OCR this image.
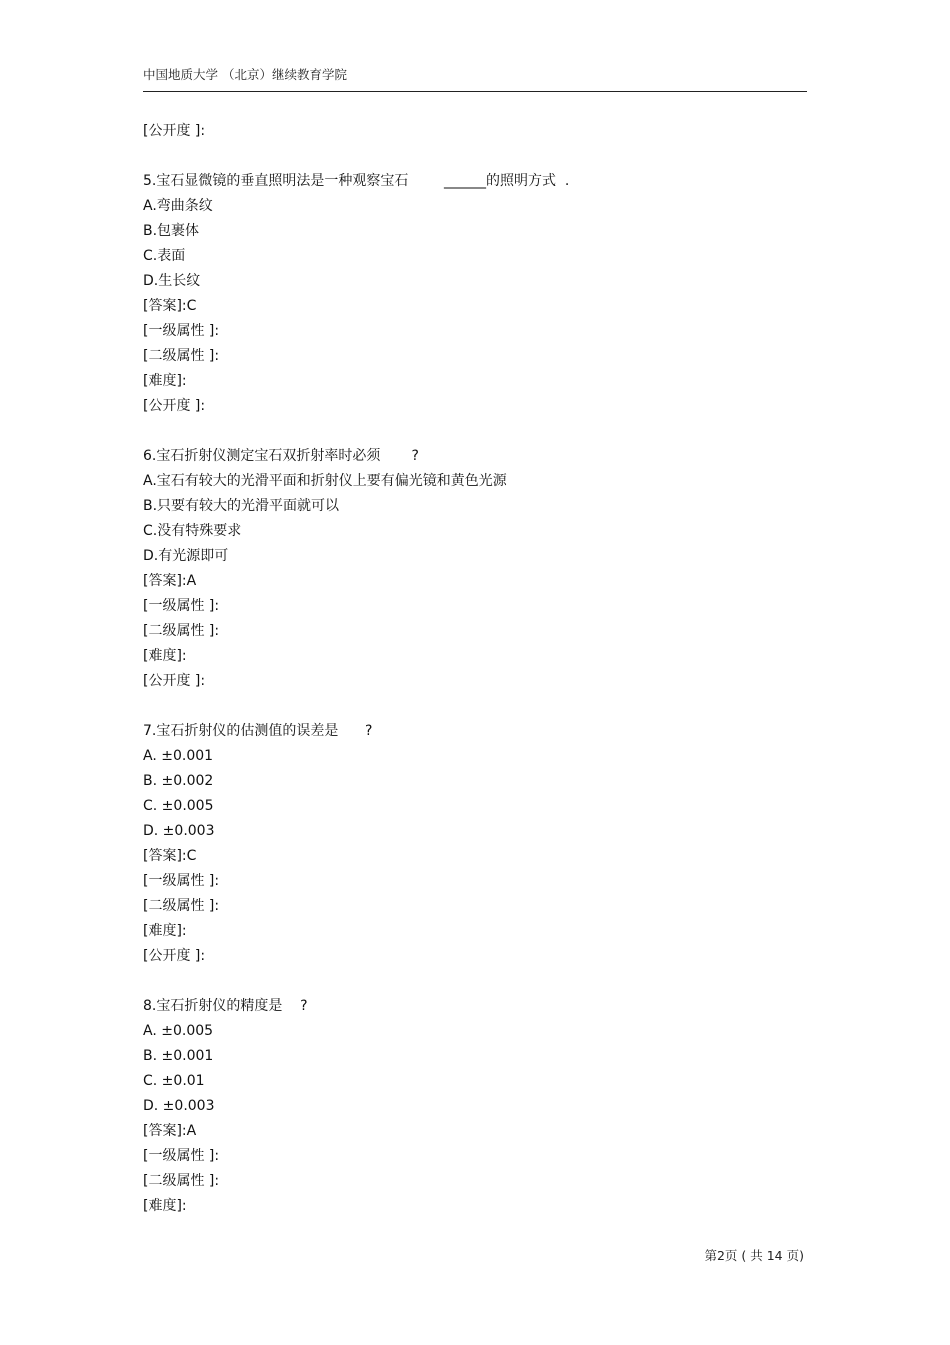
中国地质大学 （北京）继续教育学院
[公开度 ]:
5.宝石显微镜的垂直照明法是一种观察宝石        ______的照明方式  .
A.弯曲条纹
B.包裹体
C.表面
D.生长纹
[答案]:C
[一级属性 ]:
[二级属性 ]:
[难度]:
[公开度 ]:
6.宝石折射仪测定宝石双折射率时必须       ?
A.宝石有较大的光滑平面和折射仪上要有偏光镜和黄色光源
B.只要有较大的光滑平面就可以
C.没有特殊要求
D.有光源即可
[答案]:A
[一级属性 ]:
[二级属性 ]:
[难度]:
[公开度 ]:
7.宝石折射仪的估测值的误差是      ?
A. ±0.001
B. ±0.002
C. ±0.005
D. ±0.003
[答案]:C
[一级属性 ]:
[二级属性 ]:
[难度]:
[公开度 ]:
8.宝石折射仪的精度是    ?
A. ±0.005
B. ±0.001
C. ±0.01
D. ±0.003
[答案]:A
[一级属性 ]:
[二级属性 ]:
[难度]:
第2页 ( 共 14 页)
